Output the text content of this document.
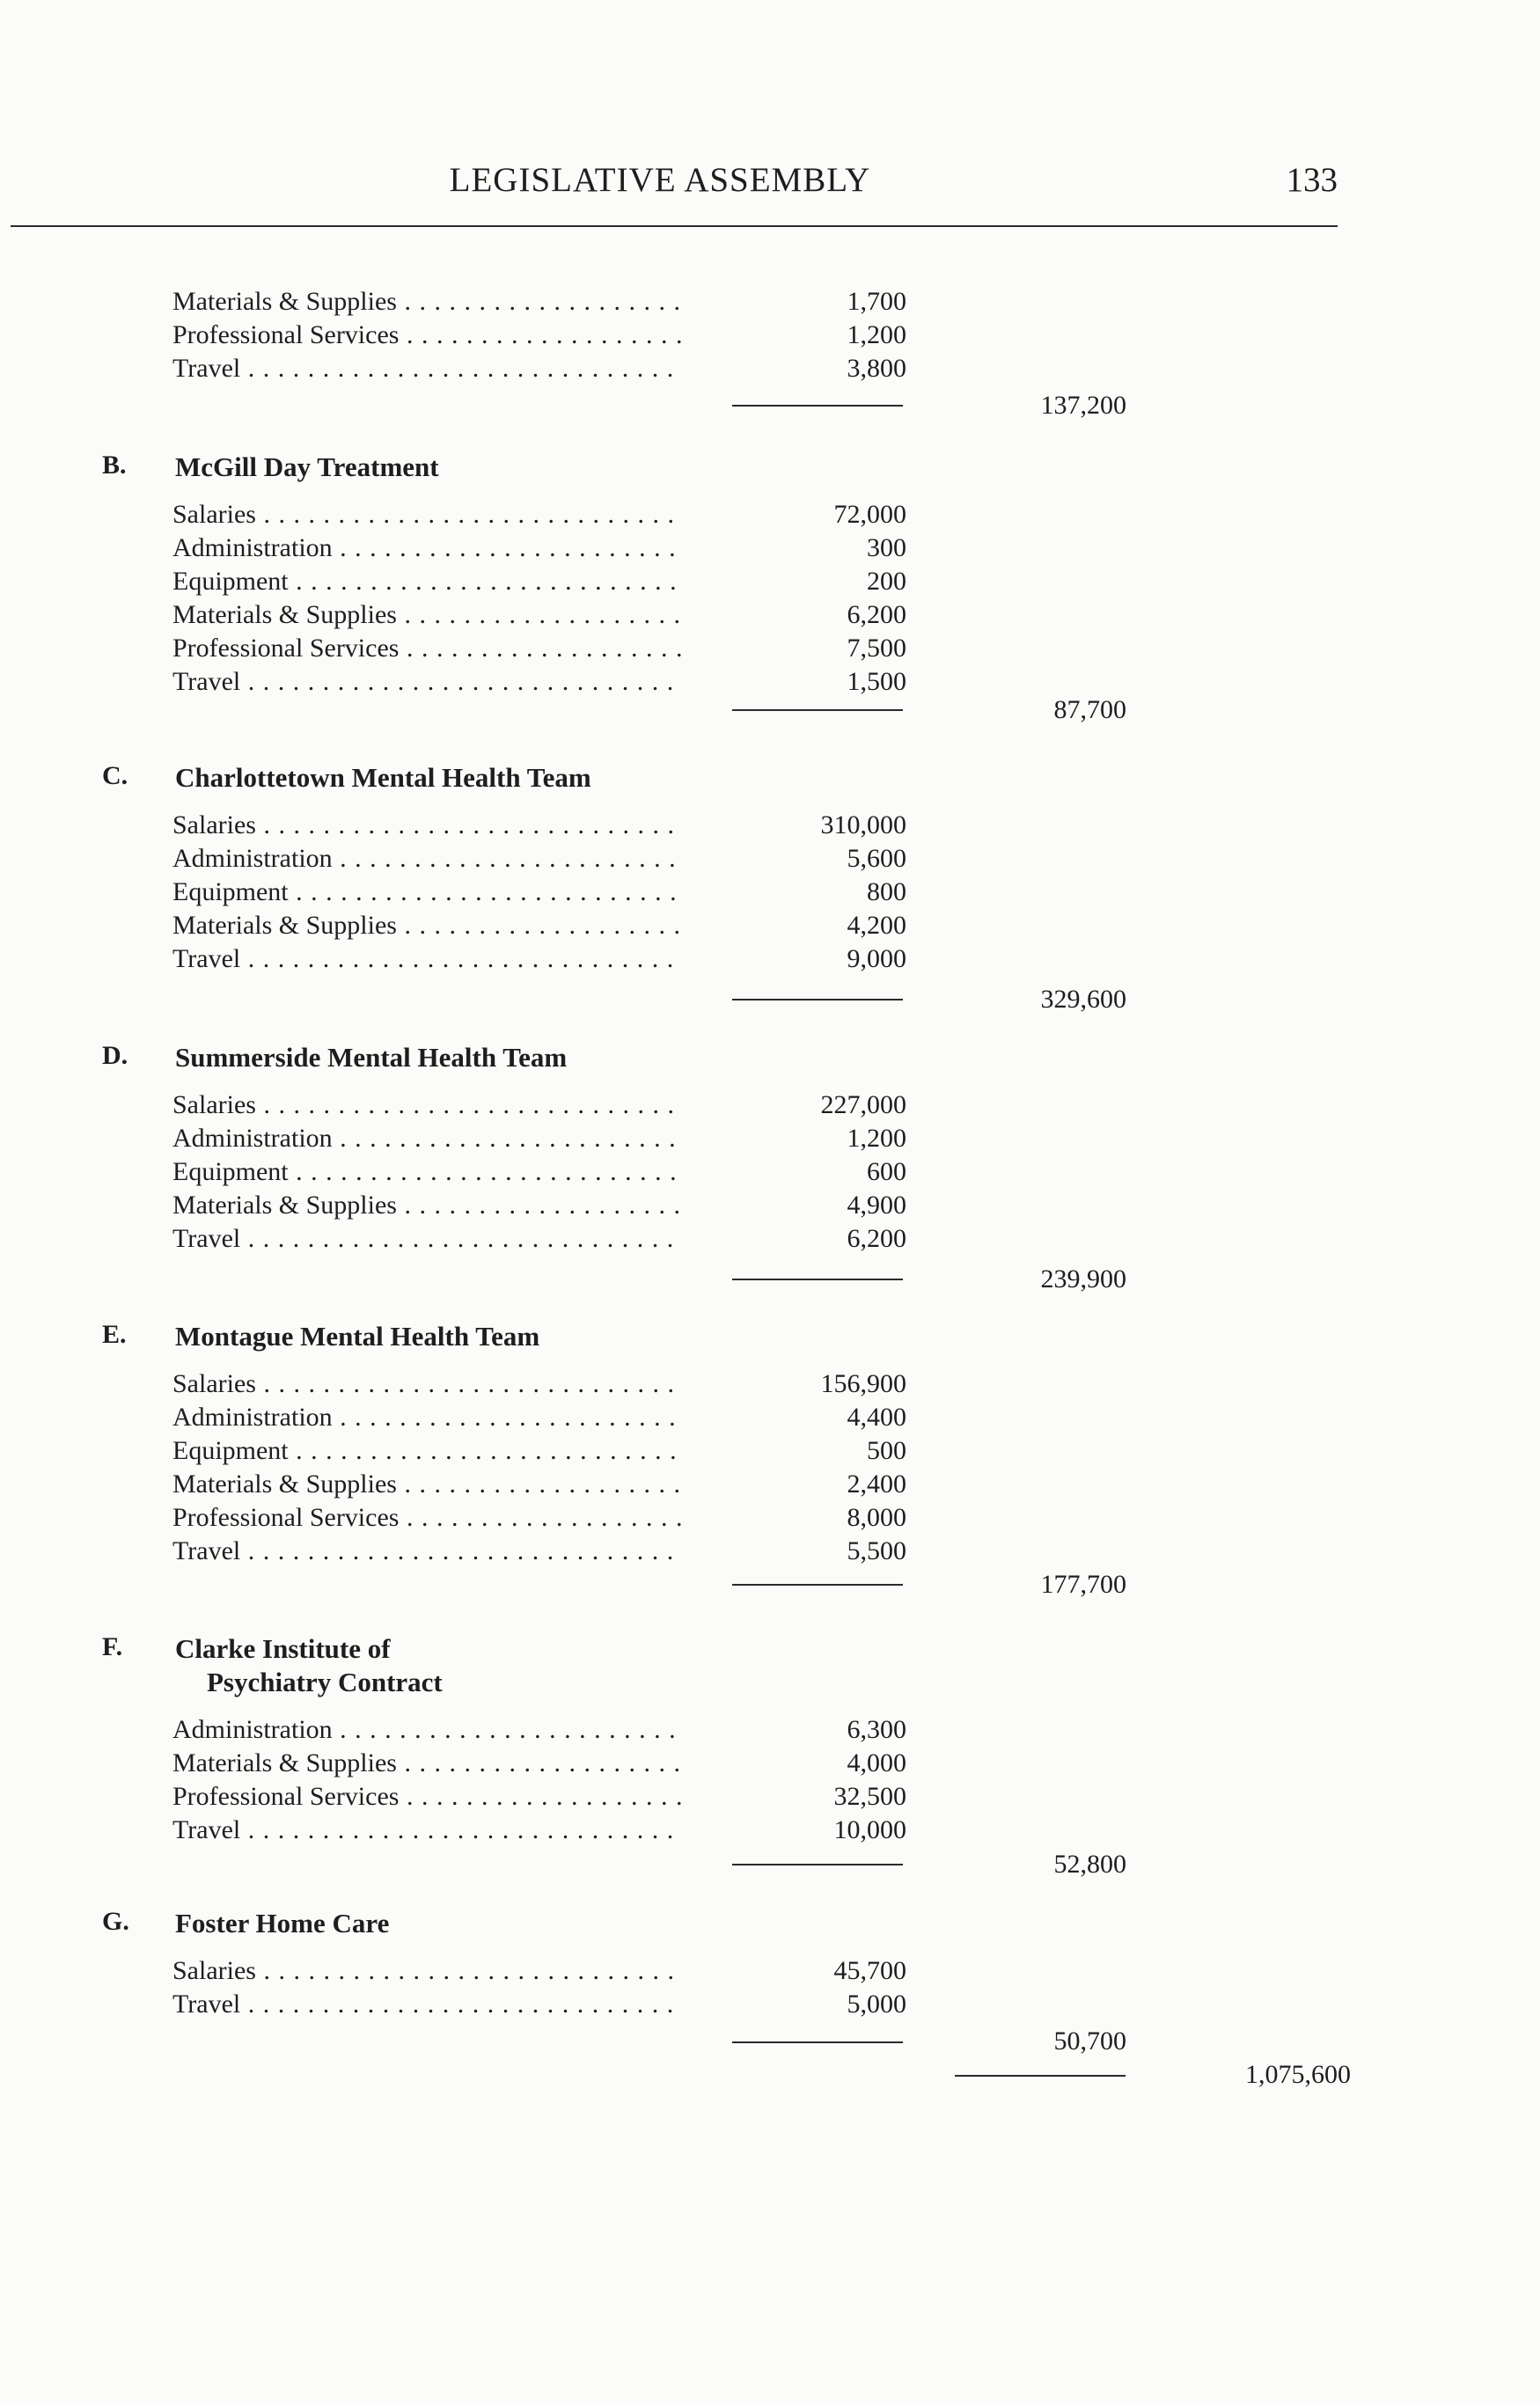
LEGISLATIVE ASSEMBLY	133
Materials & Supplies . . .	1,700
Professional Services . . .	1,200
Travel . . .	3,800
137,200
B. McGill Day Treatment
Salaries . . .	72,000
Administration . . .	300
Equipment . . .	200
Materials & Supplies . . .	6,200
Professional Services . . .	7,500
Travel . . .	1,500
87,700
C. Charlottetown Mental Health Team
Salaries . . .	310,000
Administration . . .	5,600
Equipment . . .	800
Materials & Supplies . . .	4,200
Travel . . .	9,000
329,600
D. Summerside Mental Health Team
Salaries . . .	227,000
Administration . . .	1,200
Equipment . . .	600
Materials & Supplies . . .	4,900
Travel . . .	6,200
239,900
E. Montague Mental Health Team
Salaries . . .	156,900
Administration . . .	4,400
Equipment . . .	500
Materials & Supplies . . .	2,400
Professional Services . . .	8,000
Travel . . .	5,500
177,700
F. Clarke Institute of
Psychiatry Contract
Administration . . .	6,300
Materials & Supplies . . .	4,000
Professional Services . . .	32,500
Travel . . .	10,000
52,800
G. Foster Home Care
Salaries . . .	45,700
Travel . . .	5,000
50,700
1,075,600
